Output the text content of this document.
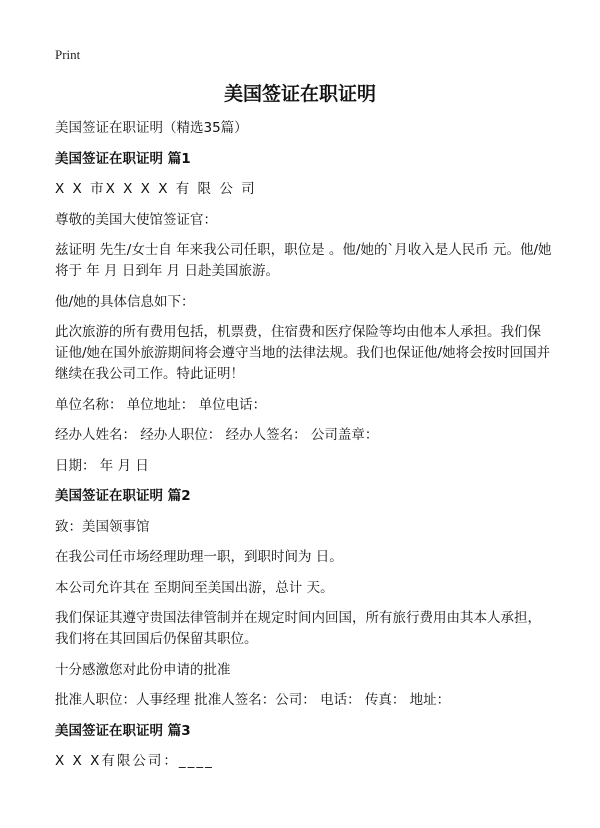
Print
美国签证在职证明

美国签证在职证明（精选35篇）

美国签证在职证明 篇1

X X 市X X X X 有 限 公 司

尊敬的美国大使馆签证官：

兹证明 先生/女士自 年来我公司任职，职位是 。他/她的`月收入是人民币 元。他/她将于 年 月 日到年 月 日赴美国旅游。

他/她的具体信息如下：

此次旅游的所有费用包括，机票费，住宿费和医疗保险等均由他本人承担。我们保证他/她在国外旅游期间将会遵守当地的法律法规。我们也保证他/她将会按时回国并继续在我公司工作。特此证明！

单位名称： 单位地址： 单位电话：

经办人姓名： 经办人职位： 经办人签名： 公司盖章：

日期： 年 月 日

美国签证在职证明 篇2

致：美国领事馆

在我公司任市场经理助理一职，到职时间为 日。

本公司允许其在 至期间至美国出游，总计 天。

我们保证其遵守贵国法律管制并在规定时间内回国，所有旅行费用由其本人承担，我们将在其回国后仍保留其职位。

十分感激您对此份申请的批准

批准人职位：人事经理 批准人签名：公司： 电话： 传真： 地址：

美国签证在职证明 篇3

X X X有限公司：____
